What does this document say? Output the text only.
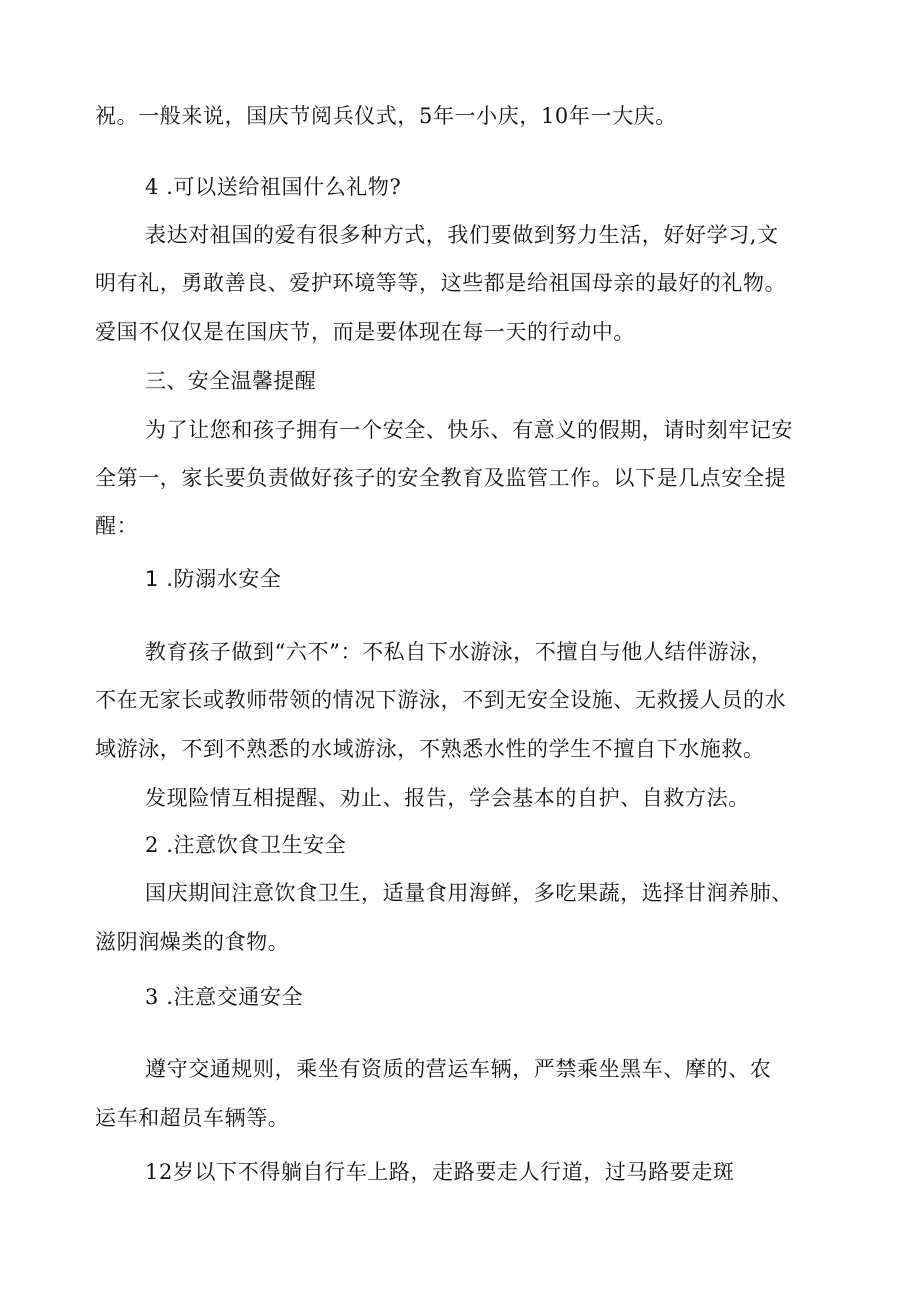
祝。一般来说，国庆节阅兵仪式，5年一小庆，10年一大庆。
4 .可以送给祖国什么礼物?
表达对祖国的爱有很多种方式，我们要做到努力生活，好好学习,文
明有礼，勇敢善良、爱护环境等等，这些都是给祖国母亲的最好的礼物。
爱国不仅仅是在国庆节，而是要体现在每一天的行动中。
三、安全温馨提醒
为了让您和孩子拥有一个安全、快乐、有意义的假期，请时刻牢记安
全第一，家长要负责做好孩子的安全教育及监管工作。以下是几点安全提
醒：
1 .防溺水安全
教育孩子做到“六不”：不私自下水游泳，不擅自与他人结伴游泳，
不在无家长或教师带领的情况下游泳，不到无安全设施、无救援人员的水
域游泳，不到不熟悉的水域游泳，不熟悉水性的学生不擅自下水施救。
发现险情互相提醒、劝止、报告，学会基本的自护、自救方法。
2 .注意饮食卫生安全
国庆期间注意饮食卫生，适量食用海鲜，多吃果蔬，选择甘润养肺、
滋阴润燥类的食物。
3 .注意交通安全
遵守交通规则，乘坐有资质的营运车辆，严禁乘坐黑车、摩的、农
运车和超员车辆等。
12岁以下不得躺自行车上路，走路要走人行道，过马路要走斑
